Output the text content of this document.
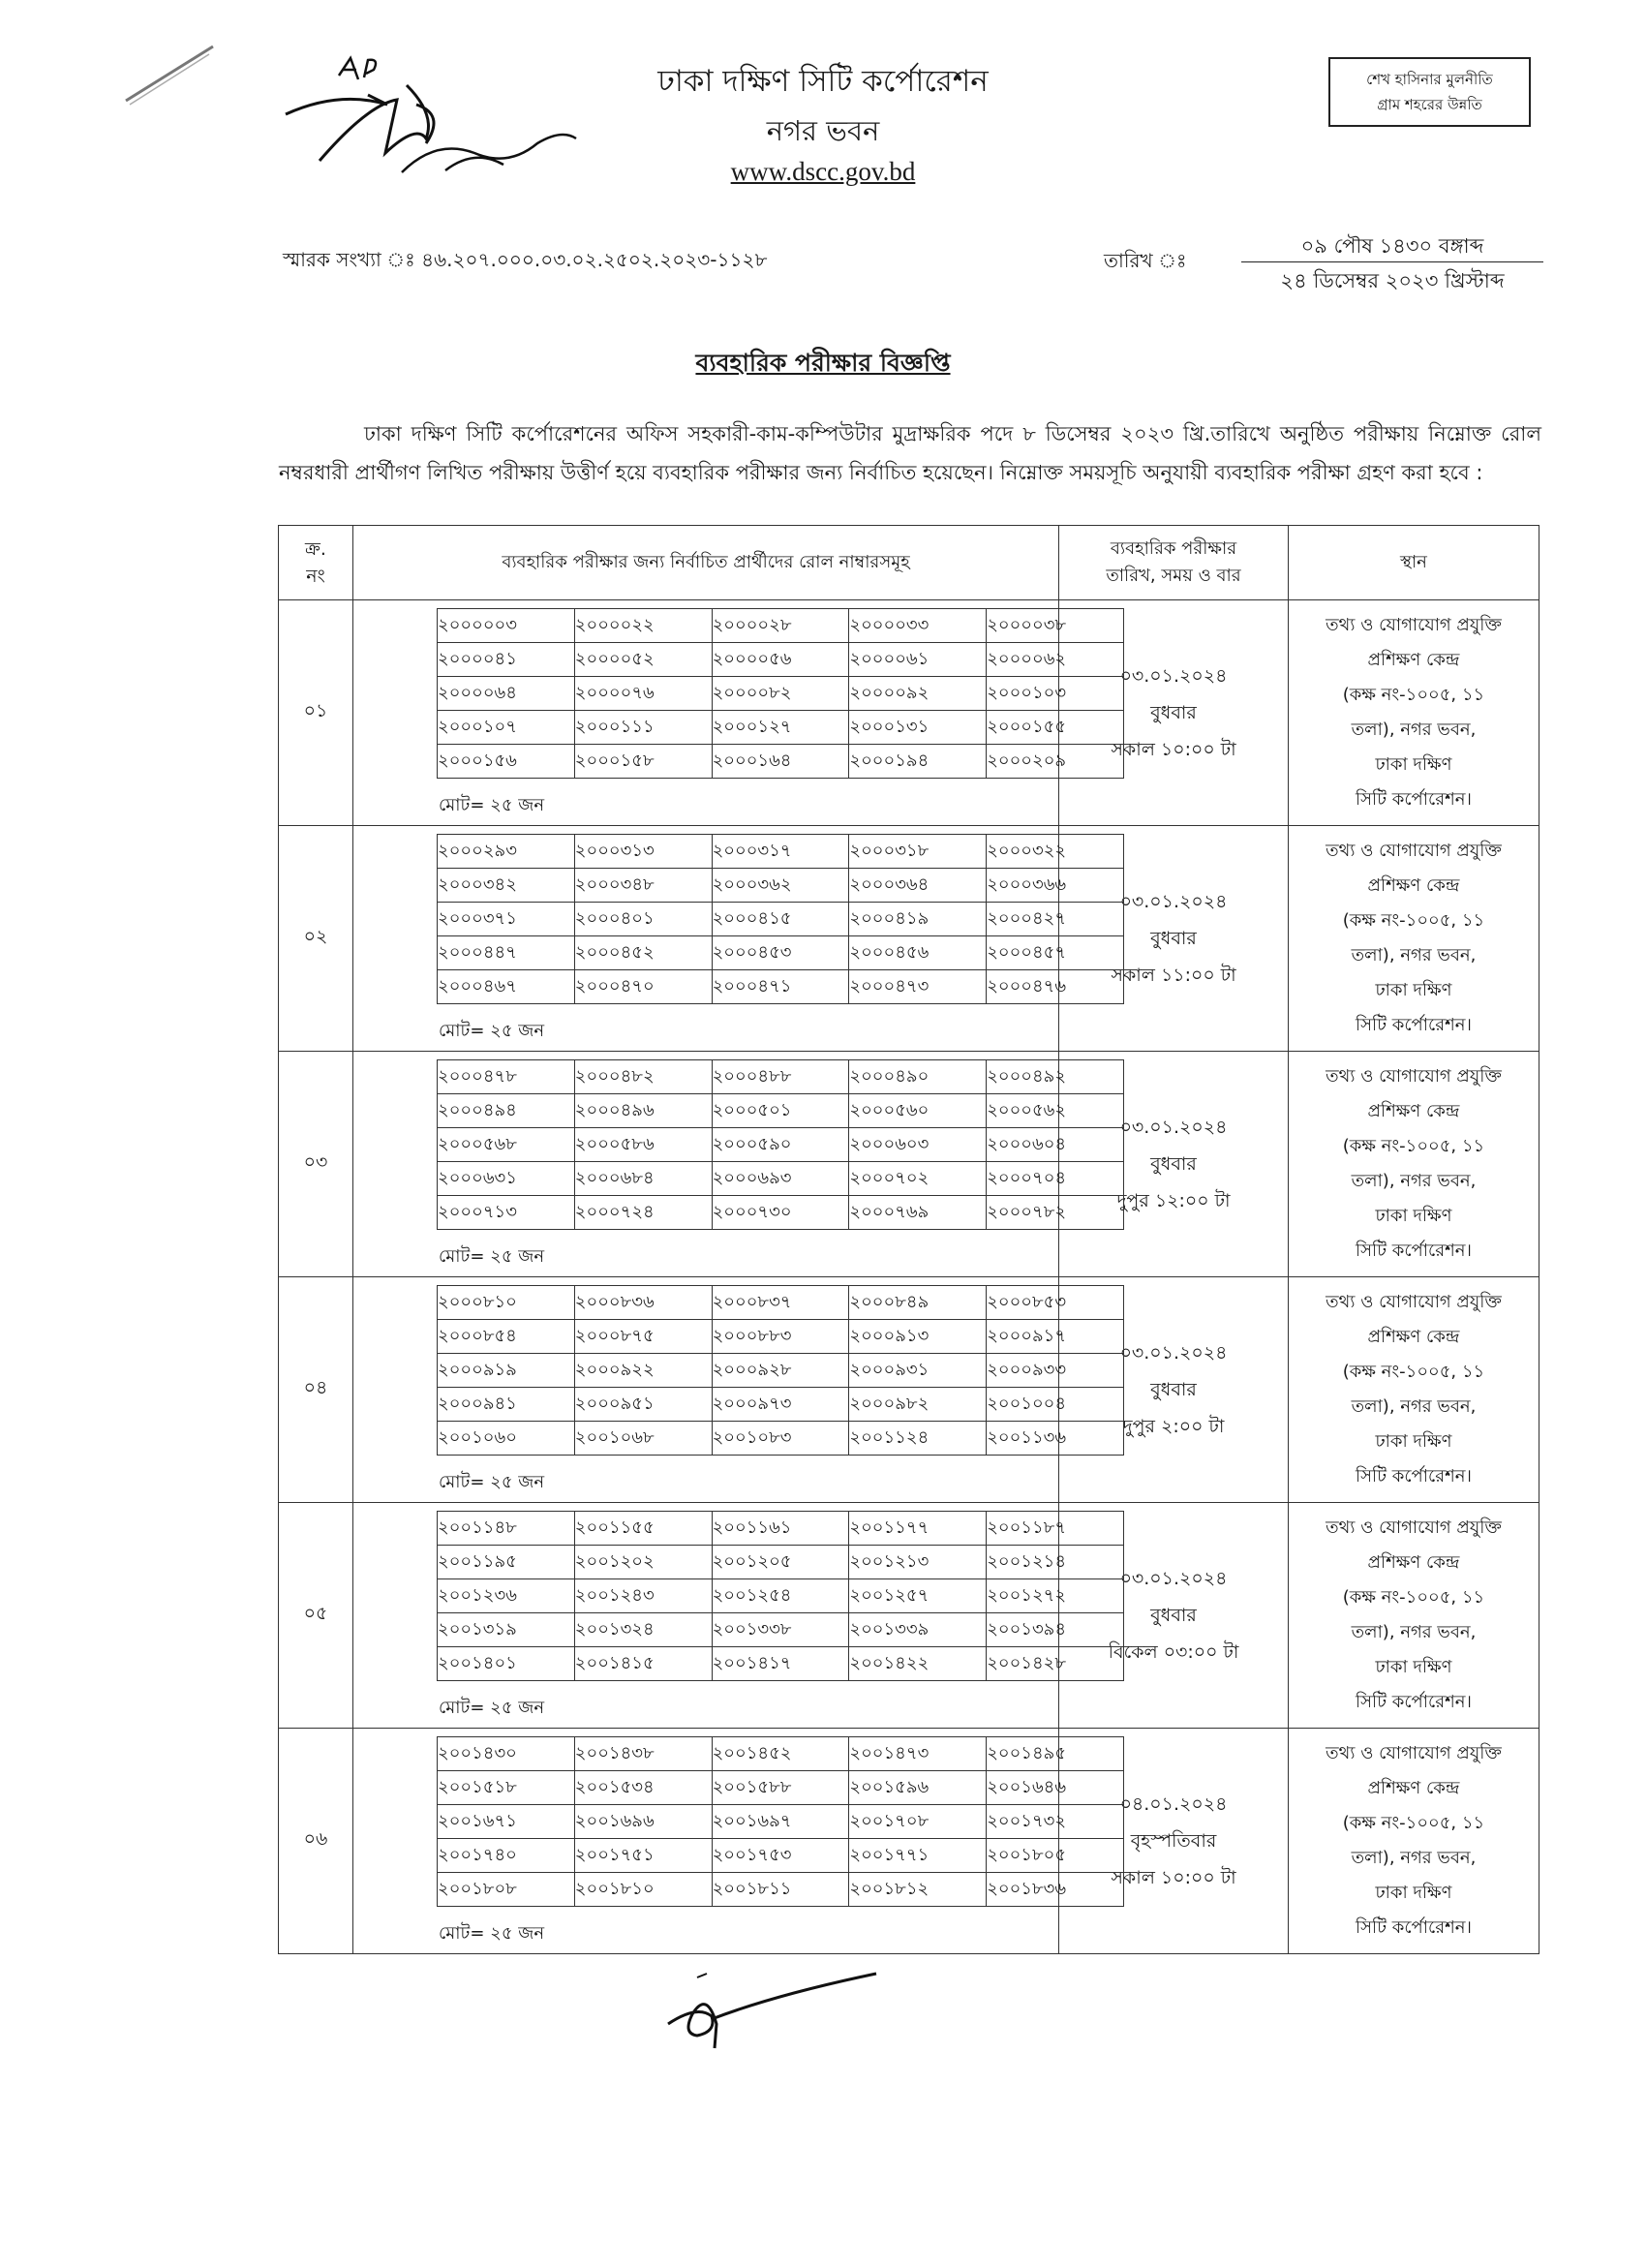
ঢাকা দক্ষিণ সিটি কর্পোরেশন
নগর ভবন
www.dscc.gov.bd
শেখ হাসিনার মুলনীতি
গ্রাম শহরের উন্নতি
স্মারক সংখ্যা ঃ ৪৬.২০৭.০০০.০৩.০২.২৫০২.২০২৩-১১২৮	তারিখ ঃ
০৯ পৌষ ১৪৩০ বঙ্গাব্দ
২৪ ডিসেম্বর ২০২৩ খ্রিস্টাব্দ
ব্যবহারিক পরীক্ষার বিজ্ঞপ্তি
ঢাকা দক্ষিণ সিটি কর্পোরেশনের অফিস সহকারী-কাম-কম্পিউটার মুদ্রাক্ষরিক পদে ৮ ডিসেম্বর ২০২৩ খ্রি.তারিখে অনুষ্ঠিত পরীক্ষায় নিম্নোক্ত রোল নম্বরধারী প্রার্থীগণ লিখিত পরীক্ষায় উত্তীর্ণ হয়ে ব্যবহারিক পরীক্ষার জন্য নির্বাচিত হয়েছেন। নিম্নোক্ত সময়সূচি অনুযায়ী ব্যবহারিক পরীক্ষা গ্রহণ করা হবে :
ক্র.
নং
	ব্যবহারিক পরীক্ষার জন্য নির্বাচিত প্রার্থীদের রোল নাম্বারসমূহ	
ব্যবহারিক পরীক্ষার
তারিখ, সময় ও বার
	স্থান
০১	
২০০০০০৩	২০০০০২২	২০০০০২৮	২০০০০৩৩	২০০০০৩৮
২০০০০৪১	২০০০০৫২	২০০০০৫৬	২০০০০৬১	২০০০০৬২
২০০০০৬৪	২০০০০৭৬	২০০০০৮২	২০০০০৯২	২০০০১০৩
২০০০১০৭	২০০০১১১	২০০০১২৭	২০০০১৩১	২০০০১৫৫
২০০০১৫৬	২০০০১৫৮	২০০০১৬৪	২০০০১৯৪	২০০০২০৯
মোট= ২৫ জন

০৩.০১.২০২৪
বুধবার
সকাল ১০:০০ টা

তথ্য ও যোগাযোগ প্রযুক্তি
প্রশিক্ষণ কেন্দ্র
(কক্ষ নং-১০০৫, ১১
তলা), নগর ভবন,
ঢাকা দক্ষিণ
সিটি কর্পোরেশন।

০২	
২০০০২৯৩	২০০০৩১৩	২০০০৩১৭	২০০০৩১৮	২০০০৩২২
২০০০৩৪২	২০০০৩৪৮	২০০০৩৬২	২০০০৩৬৪	২০০০৩৬৬
২০০০৩৭১	২০০০৪০১	২০০০৪১৫	২০০০৪১৯	২০০০৪২৭
২০০০৪৪৭	২০০০৪৫২	২০০০৪৫৩	২০০০৪৫৬	২০০০৪৫৭
২০০০৪৬৭	২০০০৪৭০	২০০০৪৭১	২০০০৪৭৩	২০০০৪৭৬
মোট= ২৫ জন

০৩.০১.২০২৪
বুধবার
সকাল ১১:০০ টা

তথ্য ও যোগাযোগ প্রযুক্তি
প্রশিক্ষণ কেন্দ্র
(কক্ষ নং-১০০৫, ১১
তলা), নগর ভবন,
ঢাকা দক্ষিণ
সিটি কর্পোরেশন।

০৩	
২০০০৪৭৮	২০০০৪৮২	২০০০৪৮৮	২০০০৪৯০	২০০০৪৯২
২০০০৪৯৪	২০০০৪৯৬	২০০০৫০১	২০০০৫৬০	২০০০৫৬২
২০০০৫৬৮	২০০০৫৮৬	২০০০৫৯০	২০০০৬০৩	২০০০৬০৪
২০০০৬৩১	২০০০৬৮৪	২০০০৬৯৩	২০০০৭০২	২০০০৭০৪
২০০০৭১৩	২০০০৭২৪	২০০০৭৩০	২০০০৭৬৯	২০০০৭৮২
মোট= ২৫ জন

০৩.০১.২০২৪
বুধবার
দুপুর ১২:০০ টা

তথ্য ও যোগাযোগ প্রযুক্তি
প্রশিক্ষণ কেন্দ্র
(কক্ষ নং-১০০৫, ১১
তলা), নগর ভবন,
ঢাকা দক্ষিণ
সিটি কর্পোরেশন।

০৪	
২০০০৮১০	২০০০৮৩৬	২০০০৮৩৭	২০০০৮৪৯	২০০০৮৫৩
২০০০৮৫৪	২০০০৮৭৫	২০০০৮৮৩	২০০০৯১৩	২০০০৯১৭
২০০০৯১৯	২০০০৯২২	২০০০৯২৮	২০০০৯৩১	২০০০৯৩৩
২০০০৯৪১	২০০০৯৫১	২০০০৯৭৩	২০০০৯৮২	২০০১০০৪
২০০১০৬০	২০০১০৬৮	২০০১০৮৩	২০০১১২৪	২০০১১৩৬
মোট= ২৫ জন

০৩.০১.২০২৪
বুধবার
দুপুর ২:০০ টা

তথ্য ও যোগাযোগ প্রযুক্তি
প্রশিক্ষণ কেন্দ্র
(কক্ষ নং-১০০৫, ১১
তলা), নগর ভবন,
ঢাকা দক্ষিণ
সিটি কর্পোরেশন।

০৫	
২০০১১৪৮	২০০১১৫৫	২০০১১৬১	২০০১১৭৭	২০০১১৮৭
২০০১১৯৫	২০০১২০২	২০০১২০৫	২০০১২১৩	২০০১২১৪
২০০১২৩৬	২০০১২৪৩	২০০১২৫৪	২০০১২৫৭	২০০১২৭২
২০০১৩১৯	২০০১৩২৪	২০০১৩৩৮	২০০১৩৩৯	২০০১৩৯৪
২০০১৪০১	২০০১৪১৫	২০০১৪১৭	২০০১৪২২	২০০১৪২৮
মোট= ২৫ জন

০৩.০১.২০২৪
বুধবার
বিকেল ০৩:০০ টা

তথ্য ও যোগাযোগ প্রযুক্তি
প্রশিক্ষণ কেন্দ্র
(কক্ষ নং-১০০৫, ১১
তলা), নগর ভবন,
ঢাকা দক্ষিণ
সিটি কর্পোরেশন।

০৬	
২০০১৪৩০	২০০১৪৩৮	২০০১৪৫২	২০০১৪৭৩	২০০১৪৯৫
২০০১৫১৮	২০০১৫৩৪	২০০১৫৮৮	২০০১৫৯৬	২০০১৬৪৬
২০০১৬৭১	২০০১৬৯৬	২০০১৬৯৭	২০০১৭০৮	২০০১৭৩২
২০০১৭৪০	২০০১৭৫১	২০০১৭৫৩	২০০১৭৭১	২০০১৮০৫
২০০১৮০৮	২০০১৮১০	২০০১৮১১	২০০১৮১২	২০০১৮৩৬
মোট= ২৫ জন

০৪.০১.২০২৪
বৃহস্পতিবার
সকাল ১০:০০ টা

তথ্য ও যোগাযোগ প্রযুক্তি
প্রশিক্ষণ কেন্দ্র
(কক্ষ নং-১০০৫, ১১
তলা), নগর ভবন,
ঢাকা দক্ষিণ
সিটি কর্পোরেশন।
